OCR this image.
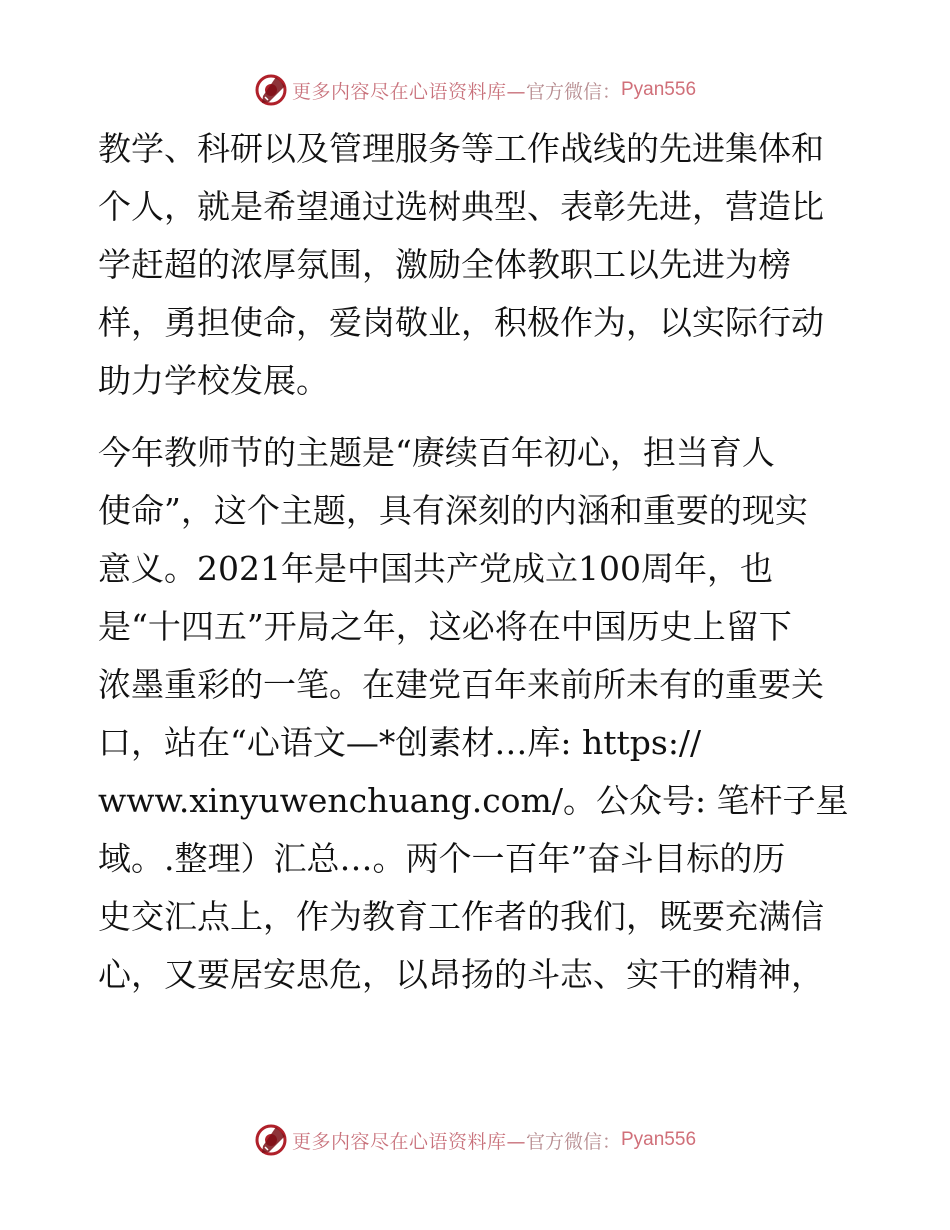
更多内容尽在心语资料库— 官方微信： Pyan556
教学、科研以及管理服务等工作战线的先进集体和
个人，就是希望通过选树典型、表彰先进，营造比
学赶超的浓厚氛围，激励全体教职工以先进为榜
样，勇担使命，爱岗敬业，积极作为，以实际行动
助力学校发展。
今年教师节的主题是“赓续百年初心，担当育人
使命”，这个主题，具有深刻的内涵和重要的现实
意义。2021年是中国共产党成立100周年，也
是“十四五”开局之年，这必将在中国历史上留下
浓墨重彩的一笔。在建党百年来前所未有的重要关
口，站在“心语文—*创素材…库: https://
www.xinyuwenchuang.com/。公众号: 笔杆子星
域。.整理）汇总…。两个一百年”奋斗目标的历
史交汇点上，作为教育工作者的我们，既要充满信
心，又要居安思危，以昂扬的斗志、实干的精神，
更多内容尽在心语资料库— 官方微信： Pyan556
